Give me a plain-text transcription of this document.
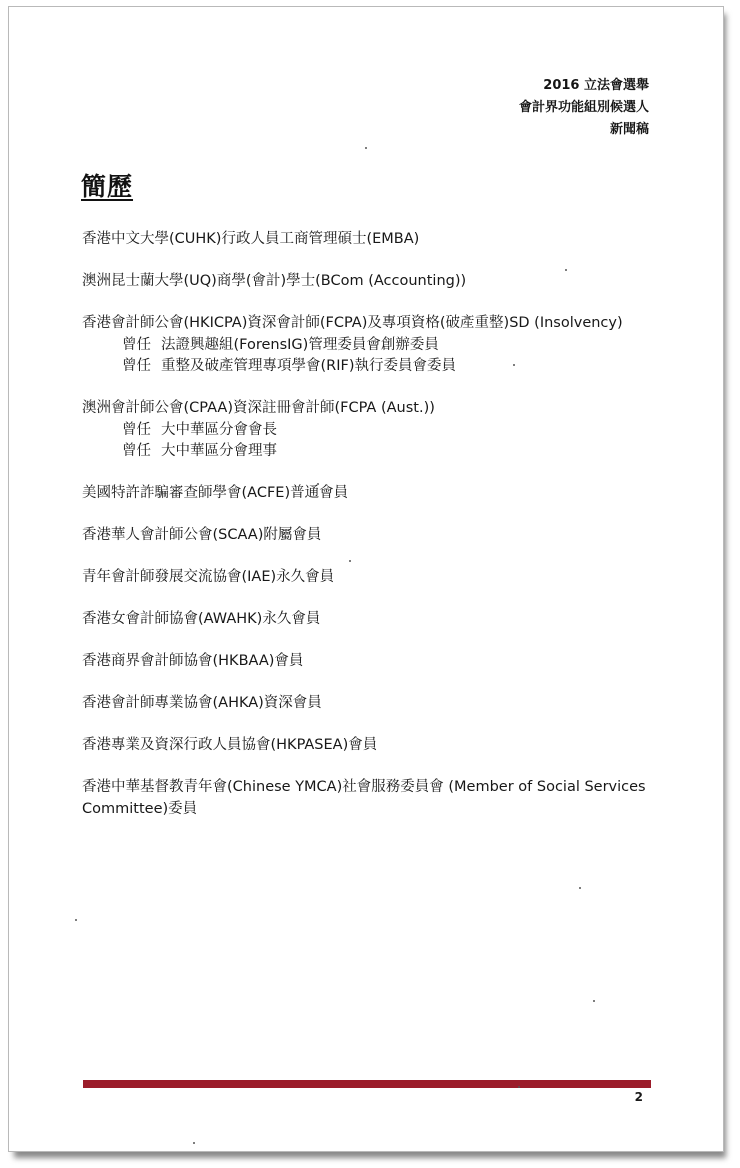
2016 立法會選舉
會計界功能組別候選人
新聞稿
簡歷
香港中文大學(CUHK)行政人員工商管理碩士(EMBA)
澳洲昆士蘭大學(UQ)商學(會計)學士(BCom (Accounting))
香港會計師公會(HKICPA)資深會計師(FCPA)及專項資格(破產重整)SD (Insolvency)
曾任 法證興趣組(ForensIG)管理委員會創辦委員
曾任 重整及破產管理專項學會(RIF)執行委員會委員
澳洲會計師公會(CPAA)資深註冊會計師(FCPA (Aust.))
曾任 大中華區分會會長
曾任 大中華區分會理事
美國特許詐騙審查師學會(ACFE)普通會員
香港華人會計師公會(SCAA)附屬會員
青年會計師發展交流協會(IAE)永久會員
香港女會計師協會(AWAHK)永久會員
香港商界會計師協會(HKBAA)會員
香港會計師專業協會(AHKA)資深會員
香港專業及資深行政人員協會(HKPASEA)會員
香港中華基督教青年會(Chinese YMCA)社會服務委員會 (Member of Social Services Committee)委員
2
